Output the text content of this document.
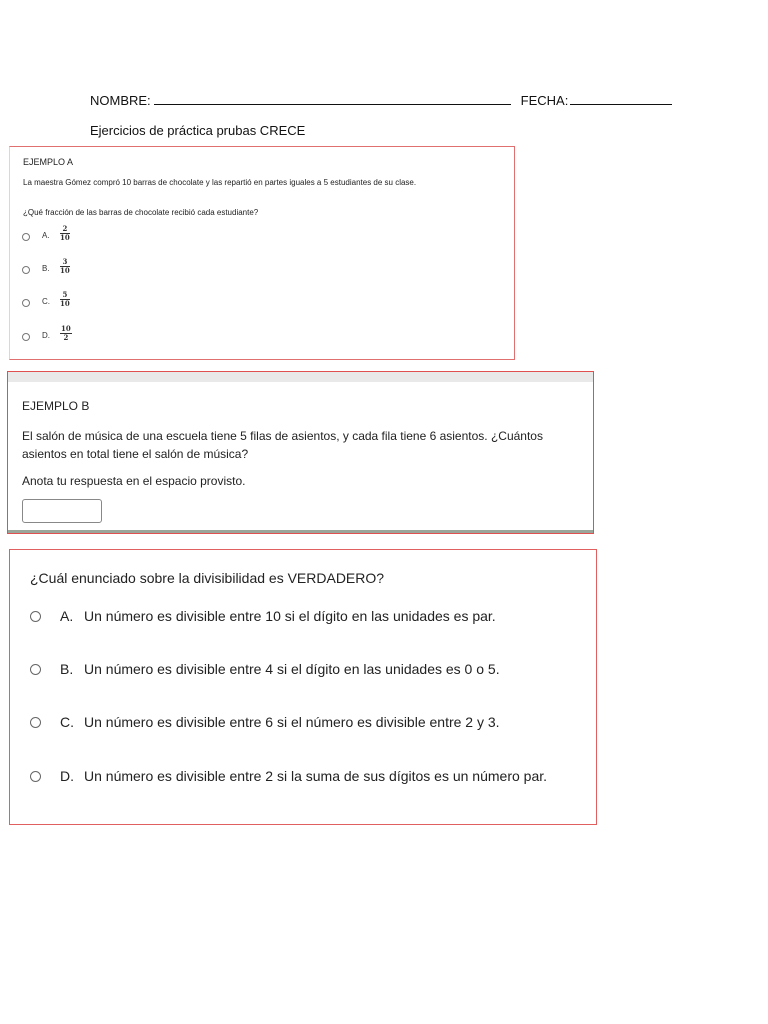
NOMBRE:	FECHA:
Ejercicios de práctica prubas CRECE
EJEMPLO A
La maestra Gómez compró 10 barras de chocolate y las repartió en partes iguales a 5 estudiantes de su clase.
¿Qué fracción de las barras de chocolate recibió cada estudiante?
A. $\frac{2}{10}$
B. $\frac{3}{10}$
C. $\frac{5}{10}$
D. $\frac{10}{2}$
EJEMPLO B
El salón de música de una escuela tiene 5 filas de asientos, y cada fila tiene 6 asientos. ¿Cuántos asientos en total tiene el salón de música?
Anota tu respuesta en el espacio provisto.
¿Cuál enunciado sobre la divisibilidad es VERDADERO?
A. Un número es divisible entre 10 si el dígito en las unidades es par.
B. Un número es divisible entre 4 si el dígito en las unidades es 0 o 5.
C. Un número es divisible entre 6 si el número es divisible entre 2 y 3.
D. Un número es divisible entre 2 si la suma de sus dígitos es un número par.
